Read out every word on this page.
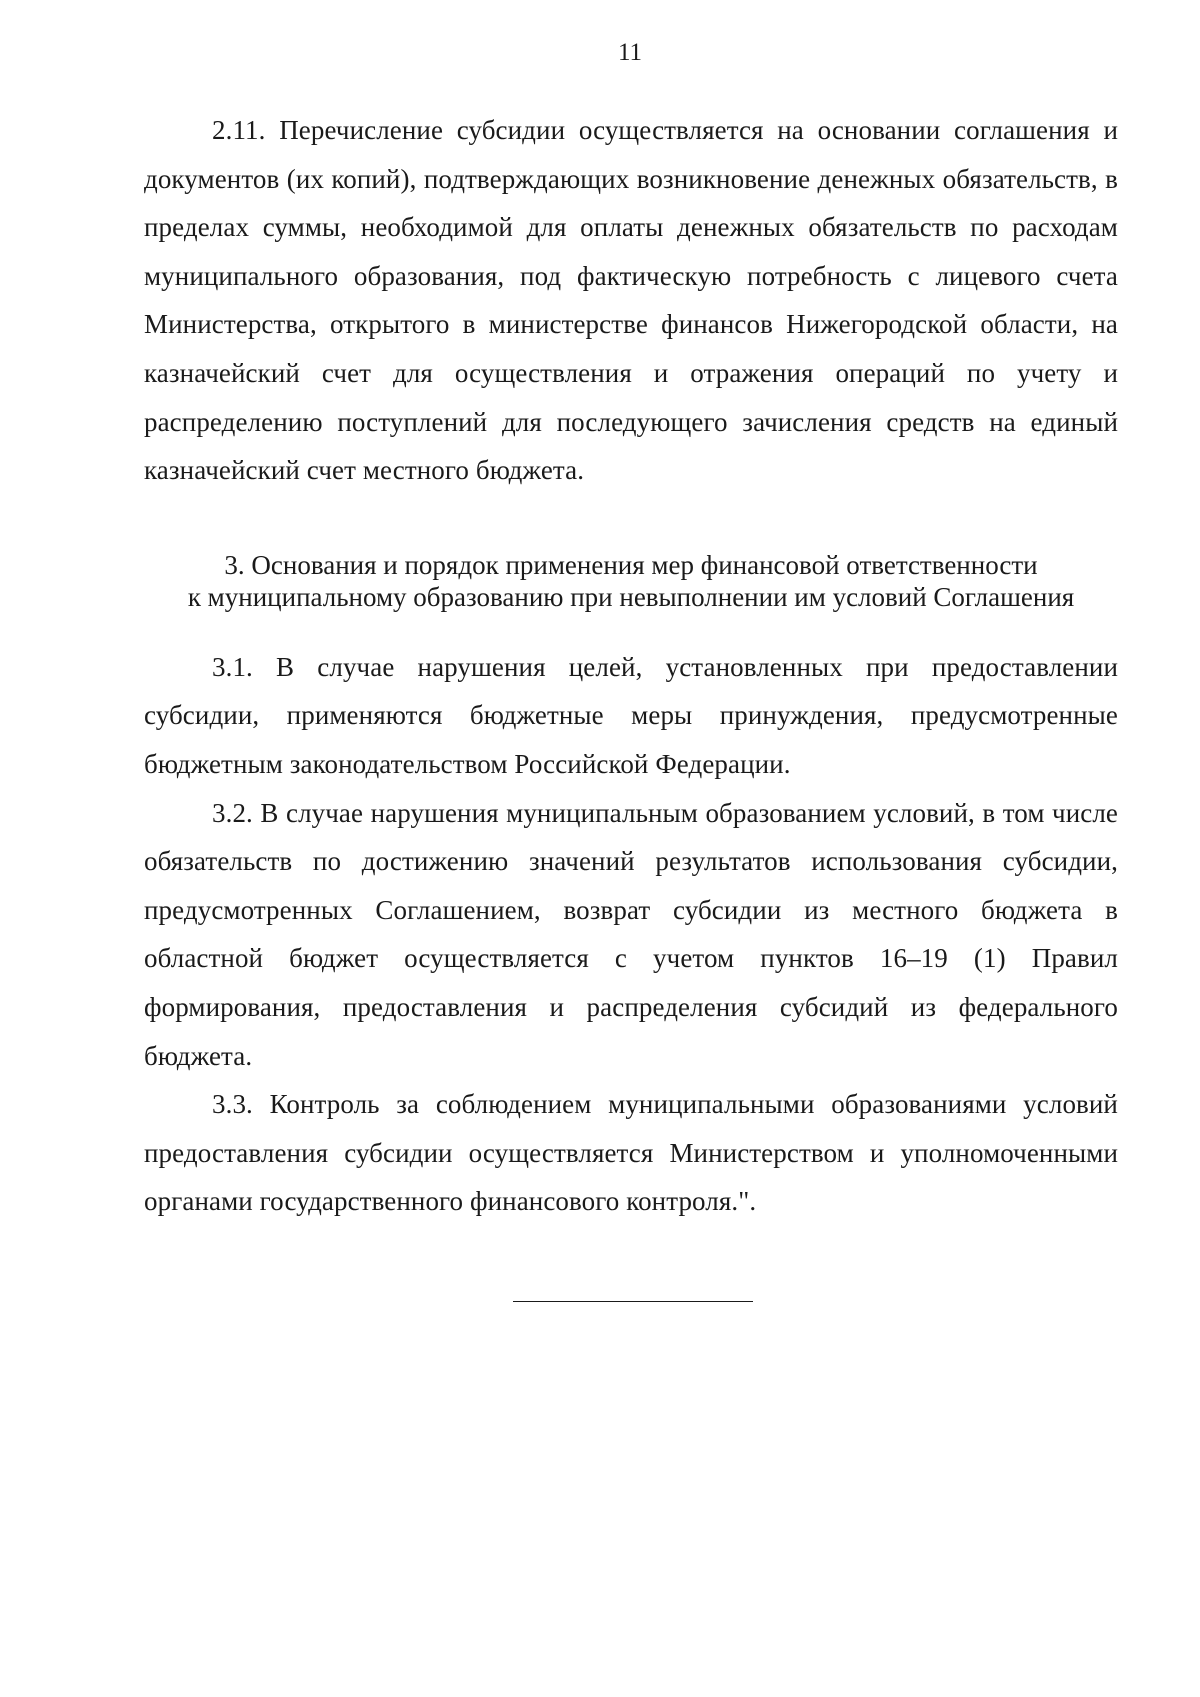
11

2.11. Перечисление субсидии осуществляется на основании соглашения и документов (их копий), подтверждающих возникновение денежных обязательств, в пределах суммы, необходимой для оплаты денежных обязательств по расходам муниципального образования, под фактическую потребность с лицевого счета Министерства, открытого в министерстве финансов Нижегородской области, на казначейский счет для осуществления и отражения операций по учету и распределению поступлений для последующего зачисления средств на единый казначейский счет местного бюджета.

3. Основания и порядок применения мер финансовой ответственности
к муниципальному образованию при невыполнении им условий Соглашения

3.1. В случае нарушения целей, установленных при предоставлении субсидии, применяются бюджетные меры принуждения, предусмотренные бюджетным законодательством Российской Федерации.

3.2. В случае нарушения муниципальным образованием условий, в том числе обязательств по достижению значений результатов использования субсидии, предусмотренных Соглашением, возврат субсидии из местного бюджета в областной бюджет осуществляется с учетом пунктов 16–19 (1) Правил формирования, предоставления и распределения субсидий из федерального бюджета.

3.3. Контроль за соблюдением муниципальными образованиями условий предоставления субсидии осуществляется Министерством и уполномоченными органами государственного финансового контроля.".
